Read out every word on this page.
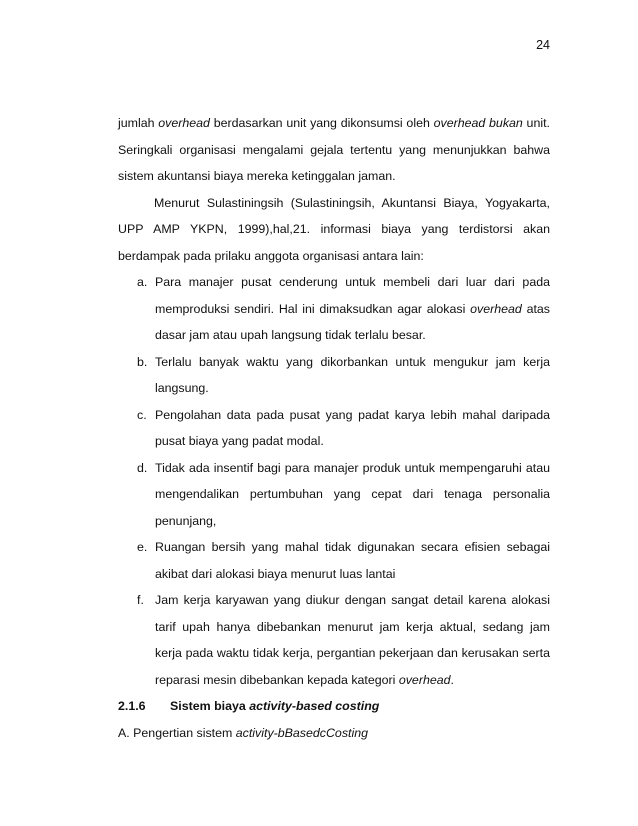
24

jumlah overhead berdasarkan unit yang dikonsumsi oleh overhead bukan unit. Seringkali organisasi mengalami gejala tertentu yang menunjukkan bahwa sistem akuntansi biaya mereka ketinggalan jaman.

Menurut Sulastiningsih (Sulastiningsih, Akuntansi Biaya, Yogyakarta, UPP AMP YKPN, 1999),hal,21. informasi biaya yang terdistorsi akan berdampak pada prilaku anggota organisasi antara lain:

a. Para manajer pusat cenderung untuk membeli dari luar dari pada memproduksi sendiri. Hal ini dimaksudkan agar alokasi overhead atas dasar jam atau upah langsung tidak terlalu besar.
b. Terlalu banyak waktu yang dikorbankan untuk mengukur jam kerja langsung.
c. Pengolahan data pada pusat yang padat karya lebih mahal daripada pusat biaya yang padat modal.
d. Tidak ada insentif bagi para manajer produk untuk mempengaruhi atau mengendalikan pertumbuhan yang cepat dari tenaga personalia penunjang,
e. Ruangan bersih yang mahal tidak digunakan secara efisien sebagai akibat dari alokasi biaya menurut luas lantai
f. Jam kerja karyawan yang diukur dengan sangat detail karena alokasi tarif upah hanya dibebankan menurut jam kerja aktual, sedang jam kerja pada waktu tidak kerja, pergantian pekerjaan dan kerusakan serta reparasi mesin dibebankan kepada kategori overhead.

2.1.6 Sistem biaya activity-based costing

A. Pengertian sistem activity-bBasedcCosting
